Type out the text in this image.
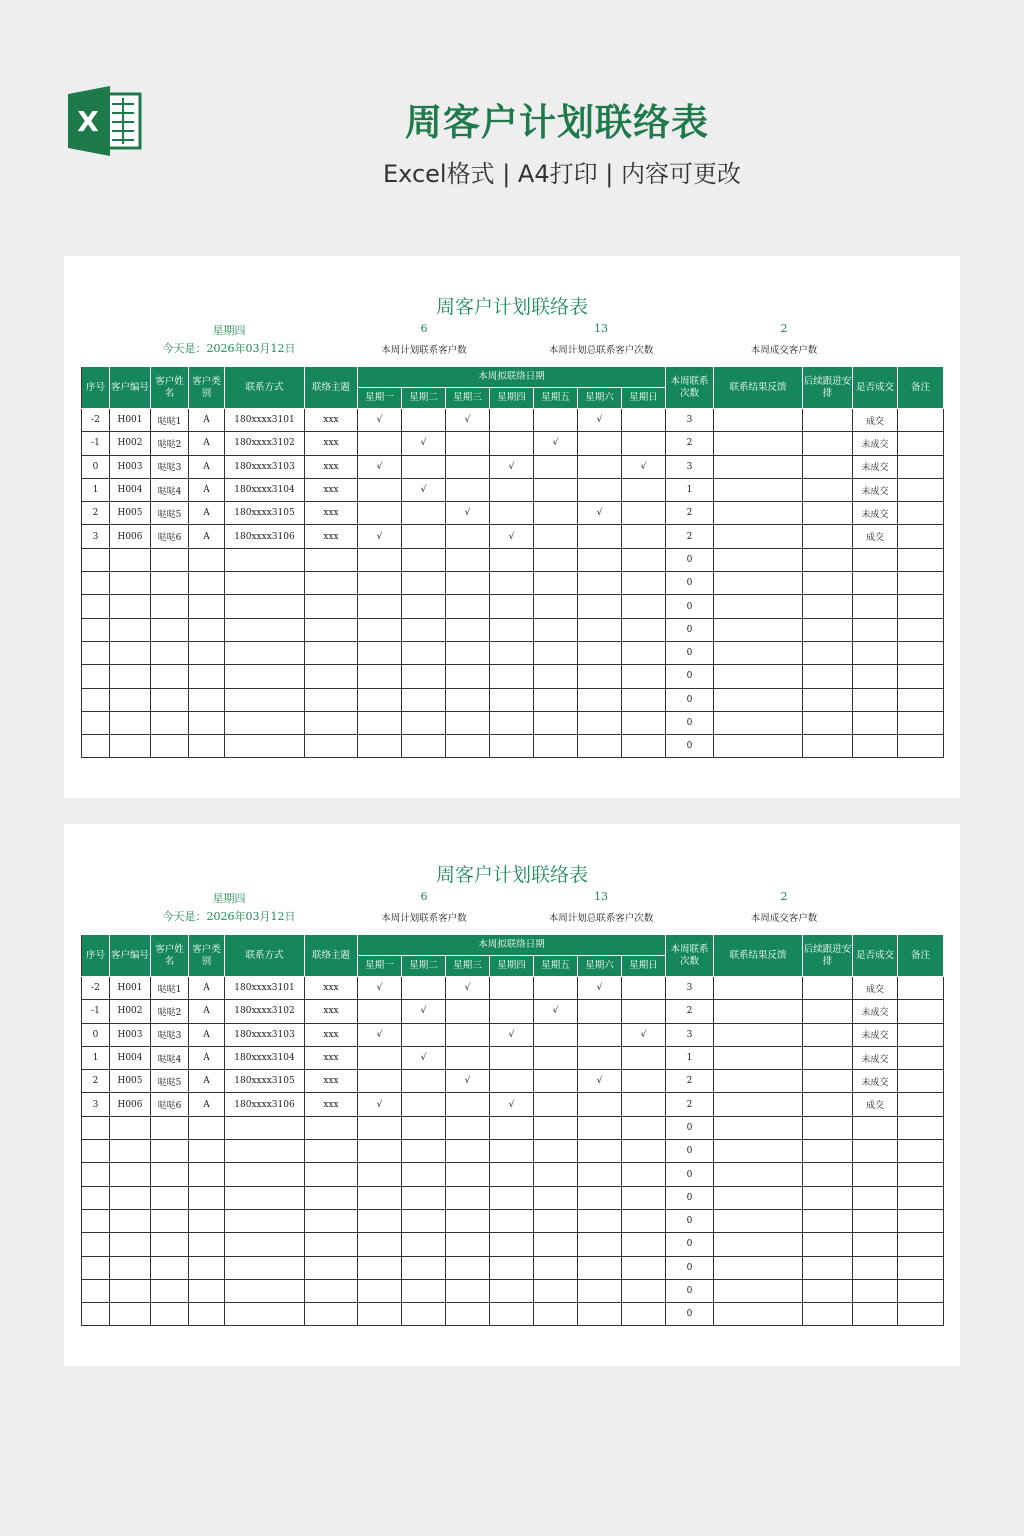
X	周客户计划联络表
Excel格式 | A4打印 | 内容可更改
周客户计划联络表
星期四
今天是：2026年03月12日
6
本周计划联系客户数
13
本周计划总联系客户次数
2
本周成交客户数
序号	客户编号	客户姓名	客户类别	联系方式	联络主题	本周拟联络日期							本周联系次数	联系结果反馈	后续跟进安排	是否成交	备注
						星期一	星期二	星期三	星期四	星期五	星期六	星期日					
-2	H001	哒哒1	A	180xxxx3101	xxx	√		√			√		3			成交	
-1	H002	哒哒2	A	180xxxx3102	xxx		√			√			2			未成交	
0	H003	哒哒3	A	180xxxx3103	xxx	√			√			√	3			未成交	
1	H004	哒哒4	A	180xxxx3104	xxx		√						1			未成交	
2	H005	哒哒5	A	180xxxx3105	xxx			√			√		2			未成交	
3	H006	哒哒6	A	180xxxx3106	xxx	√			√				2			成交	
													0				
													0				
													0				
													0				
													0				
													0				
													0				
													0				
													0				
周客户计划联络表
星期四
今天是：2026年03月12日
6
本周计划联系客户数
13
本周计划总联系客户次数
2
本周成交客户数
序号	客户编号	客户姓名	客户类别	联系方式	联络主题	本周拟联络日期							本周联系次数	联系结果反馈	后续跟进安排	是否成交	备注
						星期一	星期二	星期三	星期四	星期五	星期六	星期日					
-2	H001	哒哒1	A	180xxxx3101	xxx	√		√			√		3			成交	
-1	H002	哒哒2	A	180xxxx3102	xxx		√			√			2			未成交	
0	H003	哒哒3	A	180xxxx3103	xxx	√			√			√	3			未成交	
1	H004	哒哒4	A	180xxxx3104	xxx		√						1			未成交	
2	H005	哒哒5	A	180xxxx3105	xxx			√			√		2			未成交	
3	H006	哒哒6	A	180xxxx3106	xxx	√			√				2			成交	
													0				
													0				
													0				
													0				
													0				
													0				
													0				
													0				
													0				
